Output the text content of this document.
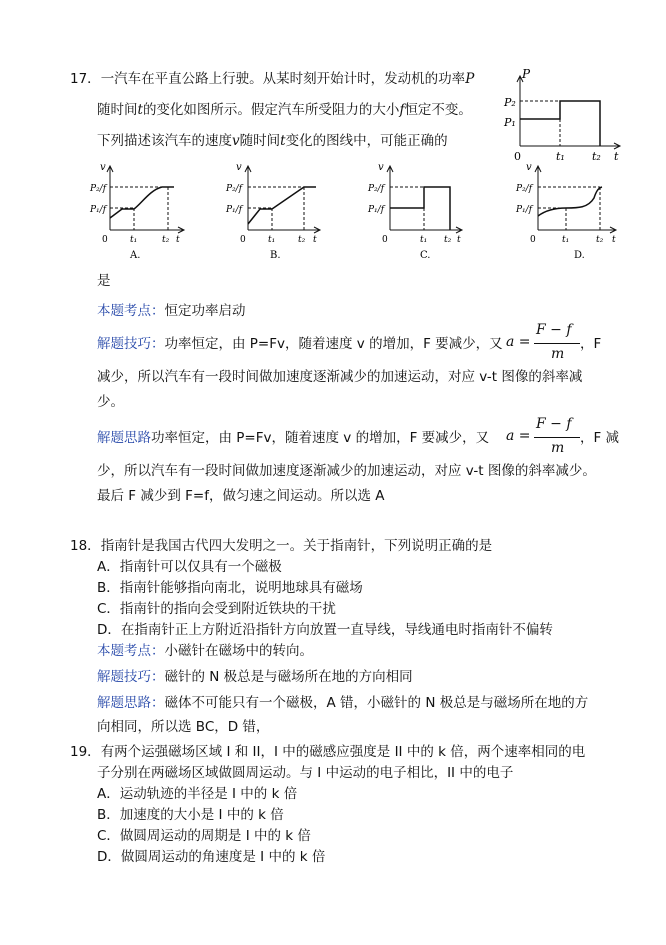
17．一汽车在平直公路上行驶。从某时刻开始计时，发动机的功率P
随时间t的变化如图所示。假定汽车所受阻力的大小f恒定不变。
下列描述该汽车的速度v随时间t变化的图线中，可能正确的
P
P₂
P₁
0	t₁ t₂ t
v
P₂/f
P₁/f
t₁	t₂ t
0
A.
v
P₂/f
P₁/f
t₁	t₂ t
0
B.
v
P₂/f
P₁/f
t₁ t₂ t
0
C.
v
P₂/f
P₁/f
t₁	t₂ t
0
D.
是
本题考点：恒定功率启动
解题技巧：功率恒定，由 P=Fv，随着速度 v 的增加，F 要减少，又 a =
F − f
m
，F
减少，所以汽车有一段时间做加速度逐渐减少的加速运动，对应 v-t 图像的斜率减
少。
解题思路功率恒定，由 P=Fv，随着速度 v 的增加，F 要减少，又 a =
F − f
m
，F 减
少，所以汽车有一段时间做加速度逐渐减少的加速运动，对应 v-t 图像的斜率减少。
最后 F 减少到 F=f，做匀速之间运动。所以选 A
18．指南针是我国古代四大发明之一。关于指南针，下列说明正确的是
A．指南针可以仅具有一个磁极
B．指南针能够指向南北，说明地球具有磁场
C．指南针的指向会受到附近铁块的干扰
D．在指南针正上方附近沿指针方向放置一直导线，导线通电时指南针不偏转
本题考点：小磁针在磁场中的转向。
解题技巧：磁针的 N 极总是与磁场所在地的方向相同
解题思路：磁体不可能只有一个磁极，A 错，小磁针的 N 极总是与磁场所在地的方
向相同，所以选 BC，D 错，
19．有两个运强磁场区域 I 和 II，I 中的磁感应强度是 II 中的 k 倍，两个速率相同的电
子分别在两磁场区域做圆周运动。与 I 中运动的电子相比，II 中的电子
A．运动轨迹的半径是 I 中的 k 倍
B．加速度的大小是 I 中的 k 倍
C．做圆周运动的周期是 I 中的 k 倍
D．做圆周运动的角速度是 I 中的 k 倍
